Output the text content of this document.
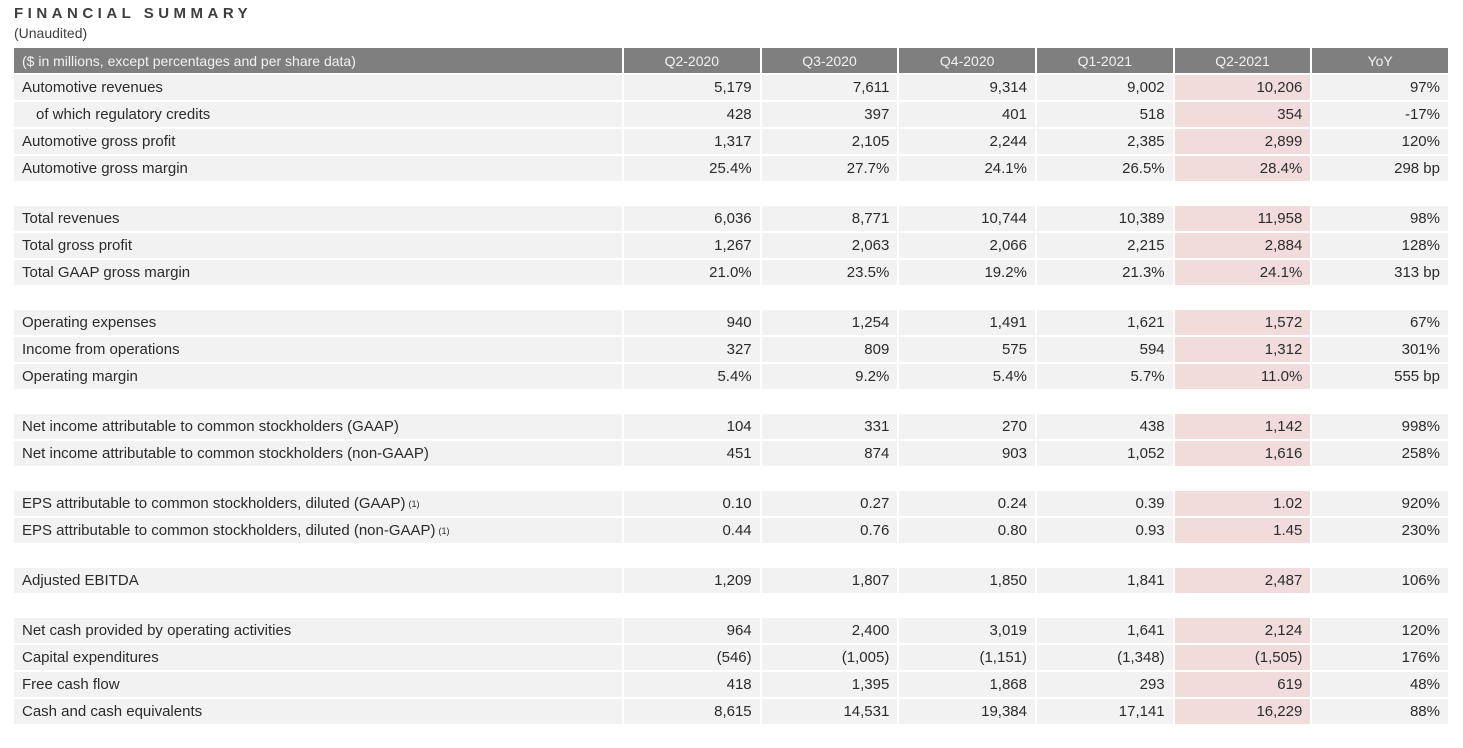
FINANCIAL SUMMARY
(Unaudited)
($ in millions, except percentages and per share data)	Q2-2020	Q3-2020	Q4-2020	Q1-2021	Q2-2021	YoY
Automotive revenues	5,179	7,611	9,314	9,002	10,206	97%
of which regulatory credits	428	397	401	518	354	-17%
Automotive gross profit	1,317	2,105	2,244	2,385	2,899	120%
Automotive gross margin	25.4%	27.7%	24.1%	26.5%	28.4%	298 bp
Total revenues	6,036	8,771	10,744	10,389	11,958	98%
Total gross profit	1,267	2,063	2,066	2,215	2,884	128%
Total GAAP gross margin	21.0%	23.5%	19.2%	21.3%	24.1%	313 bp
Operating expenses	940	1,254	1,491	1,621	1,572	67%
Income from operations	327	809	575	594	1,312	301%
Operating margin	5.4%	9.2%	5.4%	5.7%	11.0%	555 bp
Net income attributable to common stockholders (GAAP)	104	331	270	438	1,142	998%
Net income attributable to common stockholders (non-GAAP)	451	874	903	1,052	1,616	258%
EPS attributable to common stockholders, diluted (GAAP) (1)	0.10	0.27	0.24	0.39	1.02	920%
EPS attributable to common stockholders, diluted (non-GAAP) (1)	0.44	0.76	0.80	0.93	1.45	230%
Adjusted EBITDA	1,209	1,807	1,850	1,841	2,487	106%
Net cash provided by operating activities	964	2,400	3,019	1,641	2,124	120%
Capital expenditures	(546)	(1,005)	(1,151)	(1,348)	(1,505)	176%
Free cash flow	418	1,395	1,868	293	619	48%
Cash and cash equivalents	8,615	14,531	19,384	17,141	16,229	88%
